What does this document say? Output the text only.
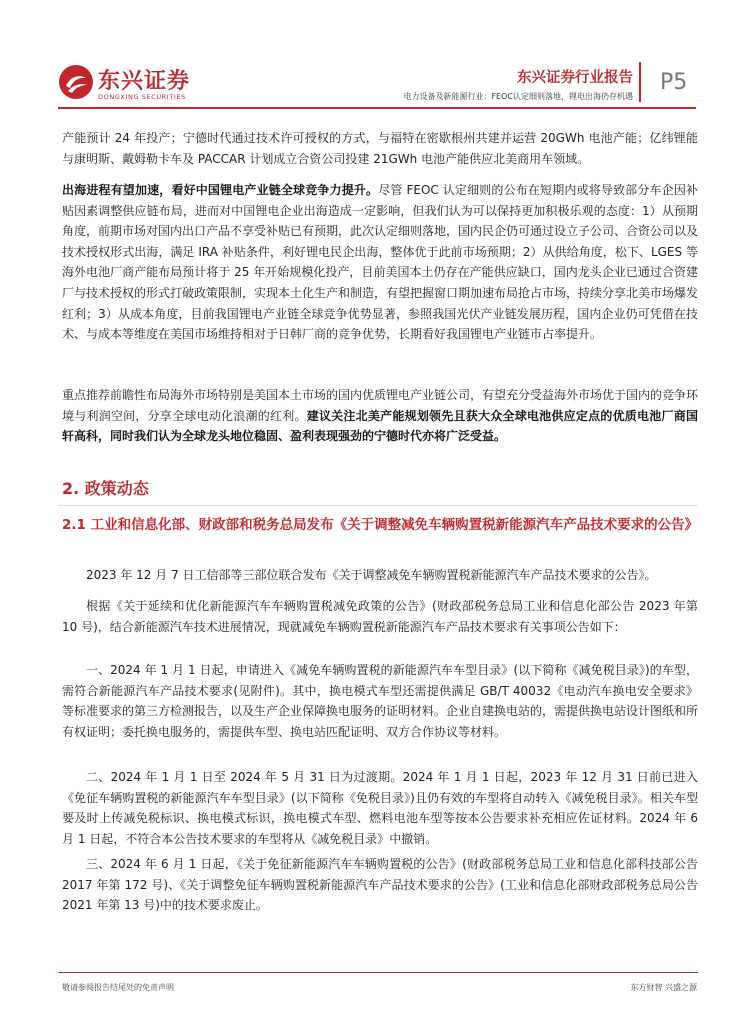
东兴证券
DONGXING SECURITIES
东兴证券行业报告
电力设备及新能源行业：FEOC认定细则落地，锂电出海仍存机遇
P5

产能预计 24 年投产；宁德时代通过技术许可授权的方式，与福特在密歇根州共建并运营 20GWh 电池产能；亿纬锂能与康明斯、戴姆勒卡车及 PACCAR 计划成立合资公司投建 21GWh 电池产能供应北美商用车领域。

出海进程有望加速，看好中国锂电产业链全球竞争力提升。尽管 FEOC 认定细则的公布在短期内或将导致部分车企因补贴因素调整供应链布局，进而对中国锂电企业出海造成一定影响，但我们认为可以保持更加积极乐观的态度：1）从预期角度，前期市场对国内出口产品不享受补贴已有预期，此次认定细则落地，国内民企仍可通过设立子公司、合资公司以及技术授权形式出海，满足 IRA 补贴条件，利好锂电民企出海，整体优于此前市场预期；2）从供给角度，松下、LGES 等海外电池厂商产能布局预计将于 25 年开始规模化投产，目前美国本土仍存在产能供应缺口，国内龙头企业已通过合资建厂与技术授权的形式打破政策限制，实现本土化生产和制造，有望把握窗口期加速布局抢占市场，持续分享北美市场爆发红利；3）从成本角度，目前我国锂电产业链全球竞争优势显著，参照我国光伏产业链发展历程，国内企业仍可凭借在技术、与成本等维度在美国市场维持相对于日韩厂商的竞争优势，长期看好我国锂电产业链市占率提升。

重点推荐前瞻性布局海外市场特别是美国本土市场的国内优质锂电产业链公司，有望充分受益海外市场优于国内的竞争环境与利润空间，分享全球电动化浪潮的红利。建议关注北美产能规划领先且获大众全球电池供应定点的优质电池厂商国轩高科，同时我们认为全球龙头地位稳固、盈利表现强劲的宁德时代亦将广泛受益。

2. 政策动态
2.1 工业和信息化部、财政部和税务总局发布《关于调整减免车辆购置税新能源汽车产品技术要求的公告》

2023 年 12 月 7 日工信部等三部位联合发布《关于调整减免车辆购置税新能源汽车产品技术要求的公告》。

根据《关于延续和优化新能源汽车车辆购置税减免政策的公告》(财政部税务总局工业和信息化部公告 2023 年第 10 号)，结合新能源汽车技术进展情况，现就减免车辆购置税新能源汽车产品技术要求有关事项公告如下：

一、2024 年 1 月 1 日起，申请进入《减免车辆购置税的新能源汽车车型目录》(以下简称《减免税目录》)的车型，需符合新能源汽车产品技术要求(见附件)。其中，换电模式车型还需提供满足 GB/T 40032《电动汽车换电安全要求》等标准要求的第三方检测报告，以及生产企业保障换电服务的证明材料。企业自建换电站的，需提供换电站设计图纸和所有权证明；委托换电服务的，需提供车型、换电站匹配证明、双方合作协议等材料。

二、2024 年 1 月 1 日至 2024 年 5 月 31 日为过渡期。2024 年 1 月 1 日起，2023 年 12 月 31 日前已进入《免征车辆购置税的新能源汽车车型目录》(以下简称《免税目录》)且仍有效的车型将自动转入《减免税目录》。相关车型要及时上传减免税标识、换电模式标识，换电模式车型、燃料电池车型等按本公告要求补充相应佐证材料。2024 年 6 月 1 日起，不符合本公告技术要求的车型将从《减免税目录》中撤销。

三、2024 年 6 月 1 日起，《关于免征新能源汽车车辆购置税的公告》(财政部税务总局工业和信息化部科技部公告 2017 年第 172 号)、《关于调整免征车辆购置税新能源汽车产品技术要求的公告》(工业和信息化部财政部税务总局公告 2021 年第 13 号)中的技术要求废止。

敬请参阅报告结尾处的免责声明	东方财智 兴盛之源
